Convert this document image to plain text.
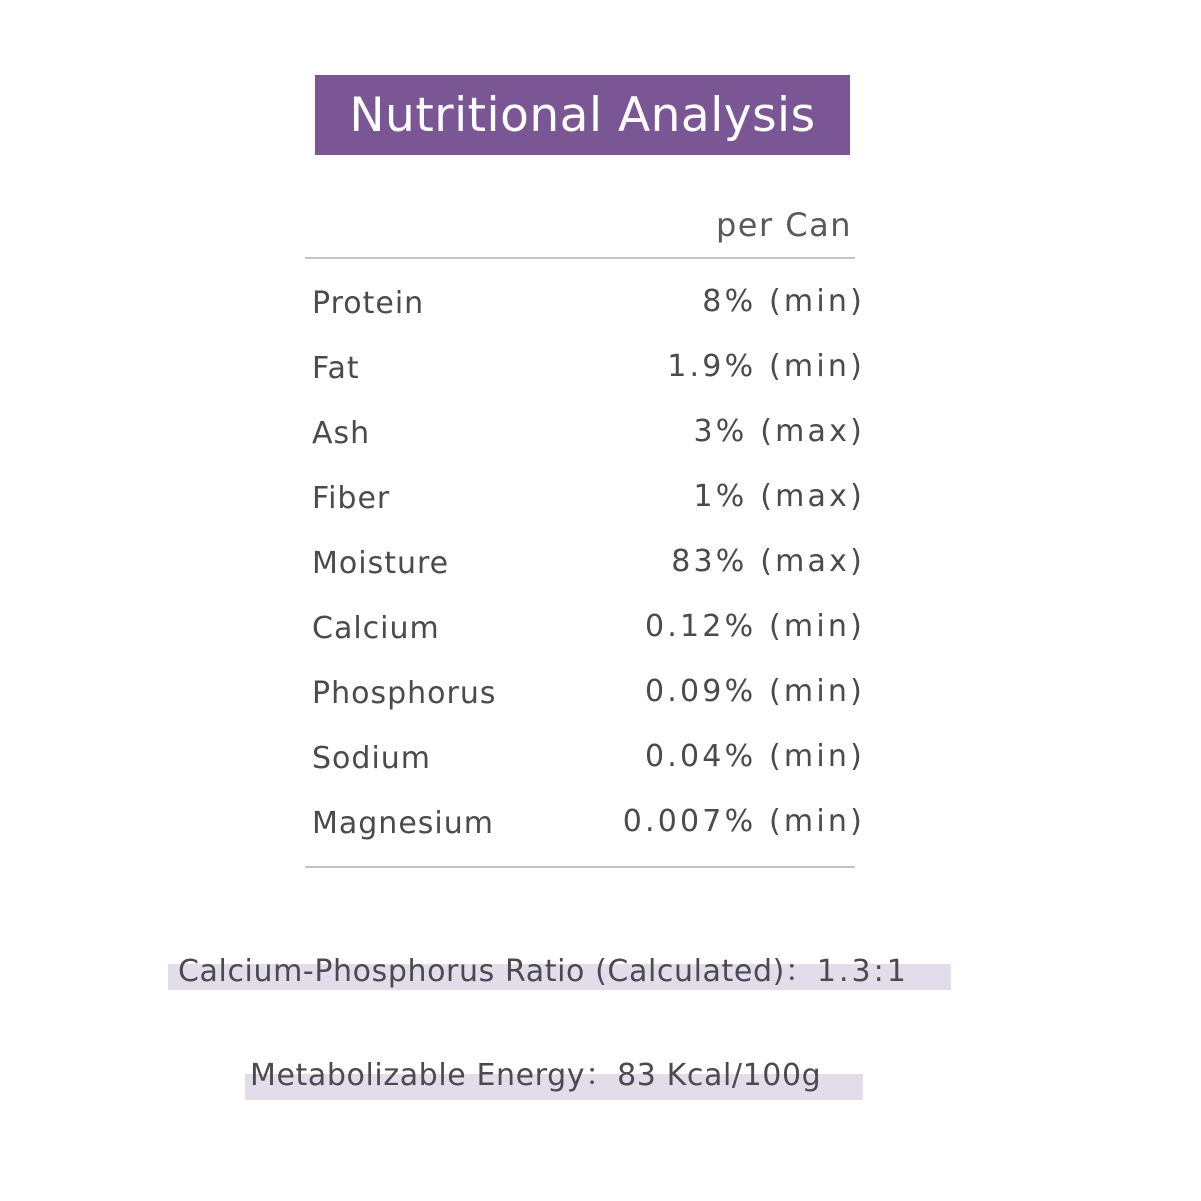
Nutritional Analysis
per Can
Protein	8% (min)
Fat	1.9% (min)
Ash	3% (max)
Fiber	1% (max)
Moisture	83% (max)
Calcium	0.12% (min)
Phosphorus	0.09% (min)
Sodium	0.04% (min)
Magnesium	0.007% (min)
Calcium-Phosphorus Ratio (Calculated)：1.3:1
Metabolizable Energy：83 Kcal/100g
